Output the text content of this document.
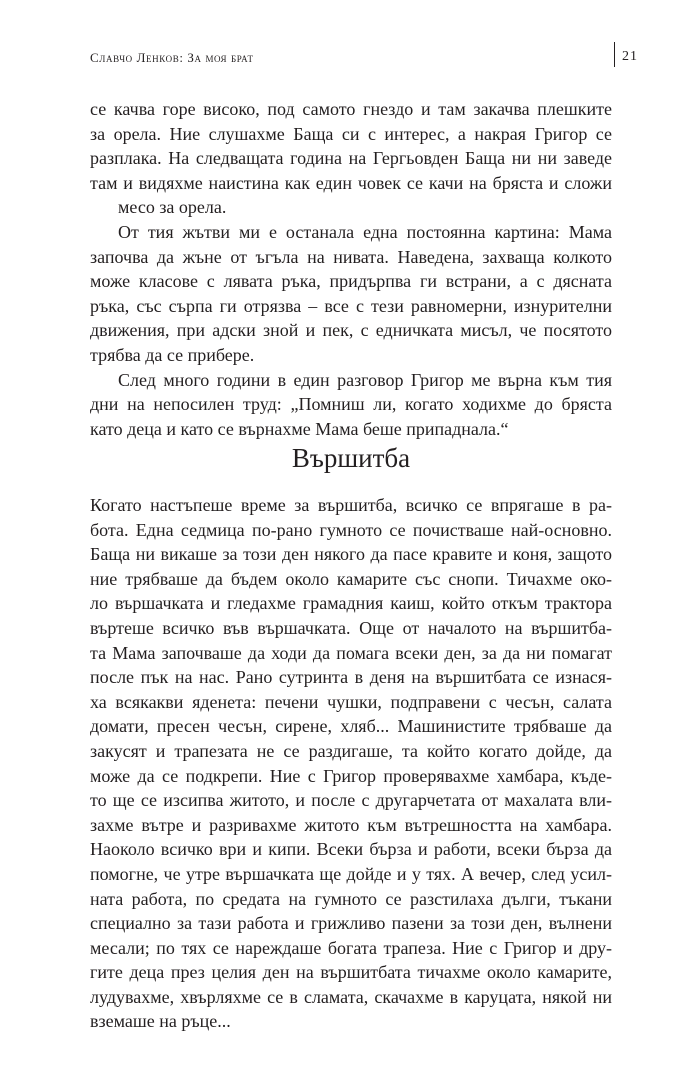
Славчо Ленков: За моя брат	21

се качва горе високо, под самото гнездо и там закачва плешките
за орела. Ние слушахме Баща си с интерес, а накрая Григор се
разплака. На следващата година на Гергьовден Баща ни ни заведе
там и видяхме наистина как един човек се качи на бряста и сложи
месо за орела.

От тия жътви ми е останала една постоянна картина: Мама
започва да жъне от ъгъла на нивата. Наведена, захваща колкото
може класове с лявата ръка, придърпва ги встрани, а с дясната
ръка, със сърпа ги отрязва – все с тези равномерни, изнурителни
движения, при адски зной и пек, с едничката мисъл, че посятото
трябва да се прибере.

След много години в един разговор Григор ме върна към тия
дни на непосилен труд: „Помниш ли, когато ходихме до бряста
като деца и като се върнахме Мама беше припаднала.“

Вършитба

Когато настъпеше време за вършитба, всичко се впрягаше в ра-
бота. Една седмица по-рано гумното се почистваше най-основно.
Баща ни викаше за този ден някого да пасе кравите и коня, защото
ние трябваше да бъдем около камарите със снопи. Тичахме око-
ло вършачката и гледахме грамадния каиш, който откъм трактора
въртеше всичко във вършачката. Още от началото на вършитба-
та Мама започваше да ходи да помага всеки ден, за да ни помагат
после пък на нас. Рано сутринта в деня на вършитбата се изнася-
ха всякакви яденета: печени чушки, подправени с чесън, салата
домати, пресен чесън, сирене, хляб... Машинистите трябваше да
закусят и трапезата не се раздигаше, та който когато дойде, да
може да се подкрепи. Ние с Григор проверявахме хамбара, къде-
то ще се изсипва житото, и после с другарчетата от махалата вли-
захме вътре и разривахме житото към вътрешността на хамбара.
Наоколо всичко ври и кипи. Всеки бърза и работи, всеки бърза да
помогне, че утре вършачката ще дойде и у тях. А вечер, след усил-
ната работа, по средата на гумното се разстилаха дълги, тъкани
специално за тази работа и грижливо пазени за този ден, вълнени
месали; по тях се нареждаше богата трапеза. Ние с Григор и дру-
гите деца през целия ден на вършитбата тичахме около камарите,
лудувахме, хвърляхме се в сламата, скачахме в каруцата, някой ни
вземаше на ръце...
